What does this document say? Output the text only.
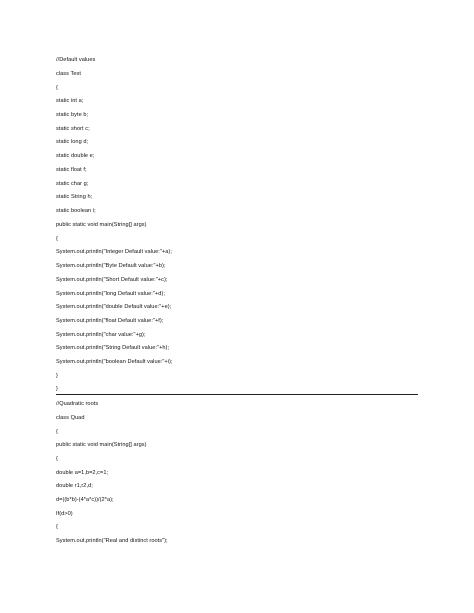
//Default values
class Test
{
static int a;
static byte b;
static short c;
static long d;
static double e;
static float f;
static char g;
static String h;
static boolean i;
public static void main(String[] args)
{
System.out.println("Integer Default value:"+a);
System.out.println("Byte Default value:"+b);
System.out.println("Short Default value:"+c);
System.out.println("long Default value:"+d);
System.out.println("double Default value:"+e);
System.out.println("float Default value:"+f);
System.out.println("char value:"+g);
System.out.println("String Default value:"+h);
System.out.println("boolean Default value:"+i);
}
}
//Quadratic roots
class Quad
{
public static void main(String[] args)
{
double a=1,b=2,c=1;
double r1,r2,d;
d=((b*b)-(4*a*c))/(2*a);
If(d>0)
{
System.out.println("Real and distinct roots");
